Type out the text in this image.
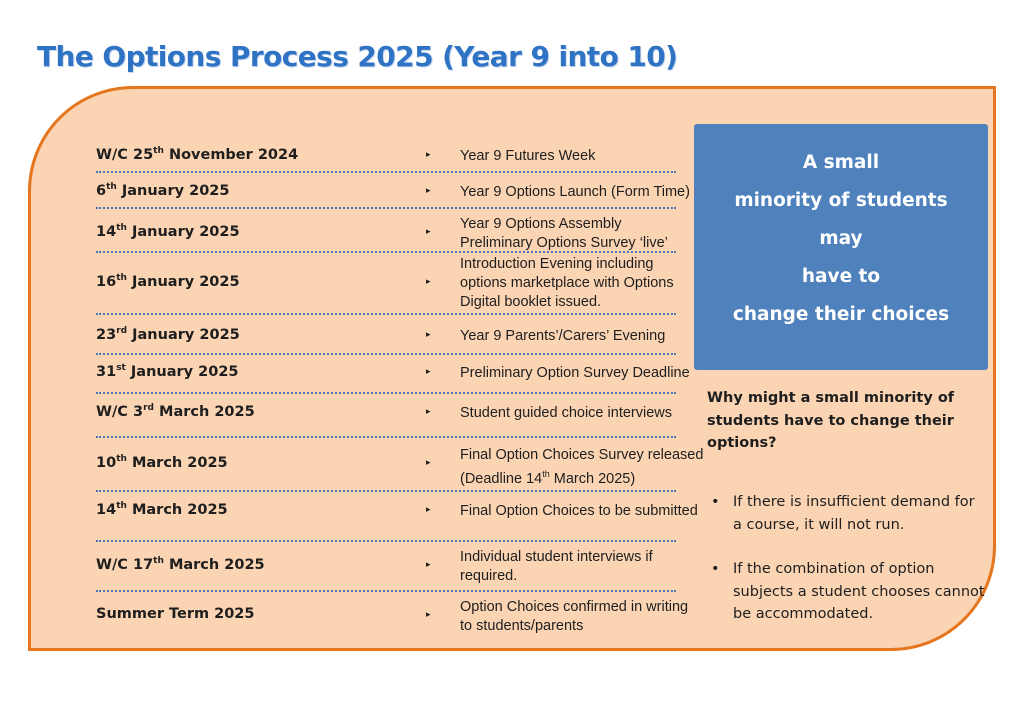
The Options Process 2025 (Year 9 into 10)
W/C 25th November 2024	▸ Year 9 Futures Week
6th January 2025	▸ Year 9 Options Launch (Form Time)
14th January 2025	▸ Year 9 Options Assembly
Preliminary Options Survey ‘live’
16th January 2025	▸
Introduction Evening including
options marketplace with Options
Digital booklet issued.
23rd January 2025	▸ Year 9 Parents’/Carers’ Evening
31st January 2025	▸ Preliminary Option Survey Deadline
W/C 3rd March 2025	▸ Student guided choice interviews
10th March 2025	▸ Final Option Choices Survey released
(Deadline 14th March 2025)
14th March 2025	▸ Final Option Choices to be submitted
W/C 17th March 2025	▸ Individual student interviews if
required.
Summer Term 2025	▸ Option Choices confirmed in writing
to students/parents
A small
minority of students
may
have to
change their choices
Why might a small minority of students have to change their options?
• If there is insufficient demand for a course, it will not run.
• If the combination of option subjects a student chooses cannot be accommodated.
